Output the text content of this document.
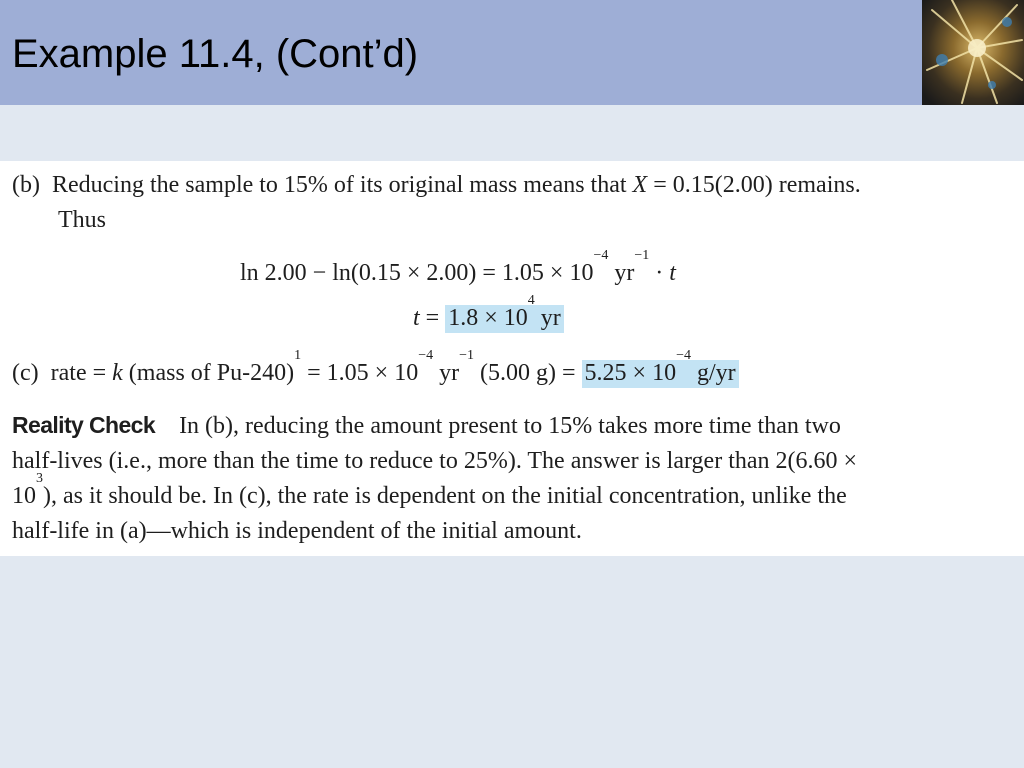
Example 11.4, (Cont’d)
(b) Reducing the sample to 15% of its original mass means that X = 0.15(2.00) remains.
Thus
$\ln 2.00 - \ln(0.15 \times 2.00) = 1.05 \times 10^{-4}$ $yr^{-1} \cdot t$
$t = 1.8 \times 10^4$ yr
(c) rate = k (mass of $Pu-240)^1 = 1.05 \times 10^{-4}$ $yr^{-1}$ (5.00 $g) = 5.25 \times 10^{-4}$ g/yr
Reality Check In (b), reducing the amount present to 15% takes more time than two
half-lives (i.e., more than the time to reduce to 25%). The answer is larger than 2(6.60 ×
$10^3$), as it should be. In (c), the rate is dependent on the initial concentration, unlike the
half-life in (a)—which is independent of the initial amount.
